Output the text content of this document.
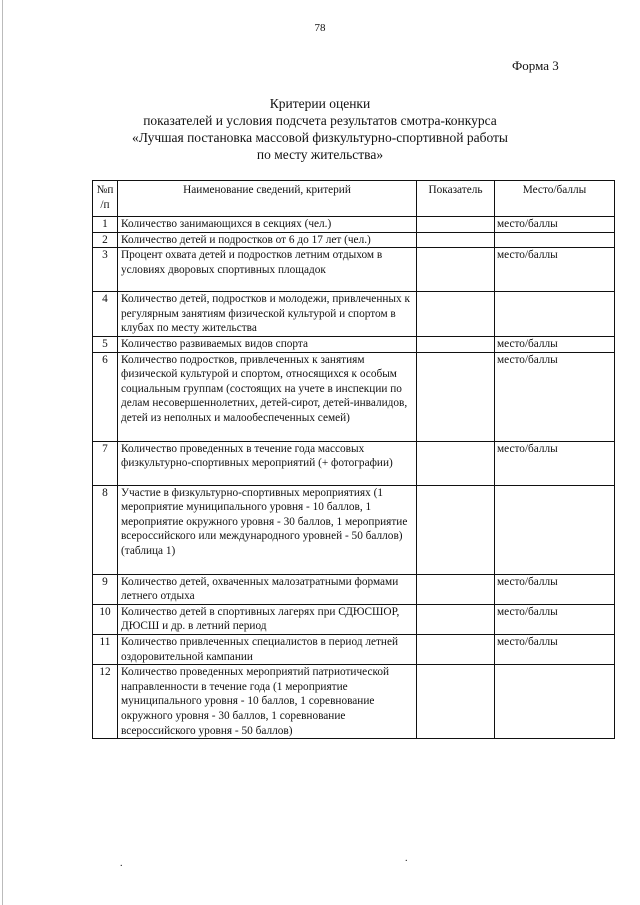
78
Форма 3
Критерии оценки
показателей и условия подсчета результатов смотра-конкурса
«Лучшая постановка массовой физкультурно-спортивной работы
по месту жительства»
№п /п	Наименование сведений, критерий	Показатель	Место/баллы
1	Количество занимающихся в секциях (чел.)		место/баллы
2	Количество детей и подростков от 6 до 17 лет (чел.)		
3	Процент охвата детей и подростков летним отдыхом в условиях дворовых спортивных площадок		место/баллы
4	Количество детей, подростков и молодежи, привлеченных к регулярным занятиям физической культурой и спортом в клубах по месту жительства		
5	Количество развиваемых видов спорта		место/баллы
6	Количество подростков, привлеченных к занятиям физической культурой и спортом, относящихся к особым социальным группам (состоящих на учете в инспекции по делам несовершеннолетних, детей-сирот, детей-инвалидов, детей из неполных и малообеспеченных семей)		место/баллы
7	Количество проведенных в течение года массовых физкультурно-спортивных мероприятий (+ фотографии)		место/баллы
8	Участие в физкультурно-спортивных мероприятиях (1 мероприятие муниципального уровня - 10 баллов, 1 мероприятие окружного уровня - 30 баллов, 1 мероприятие всероссийского или международного уровней - 50 баллов) (таблица 1)		
9	Количество детей, охваченных малозатратными формами летнего отдыха		место/баллы
10	Количество детей в спортивных лагерях при СДЮСШОР, ДЮСШ и др. в летний период		место/баллы
11	Количество привлеченных специалистов в период летней оздоровительной кампании		место/баллы
12	Количество проведенных мероприятий патриотической направленности в течение года (1 мероприятие муниципального уровня - 10 баллов, 1 соревнование окружного уровня - 30 баллов, 1 соревнование всероссийского уровня - 50 баллов)		
.	.
